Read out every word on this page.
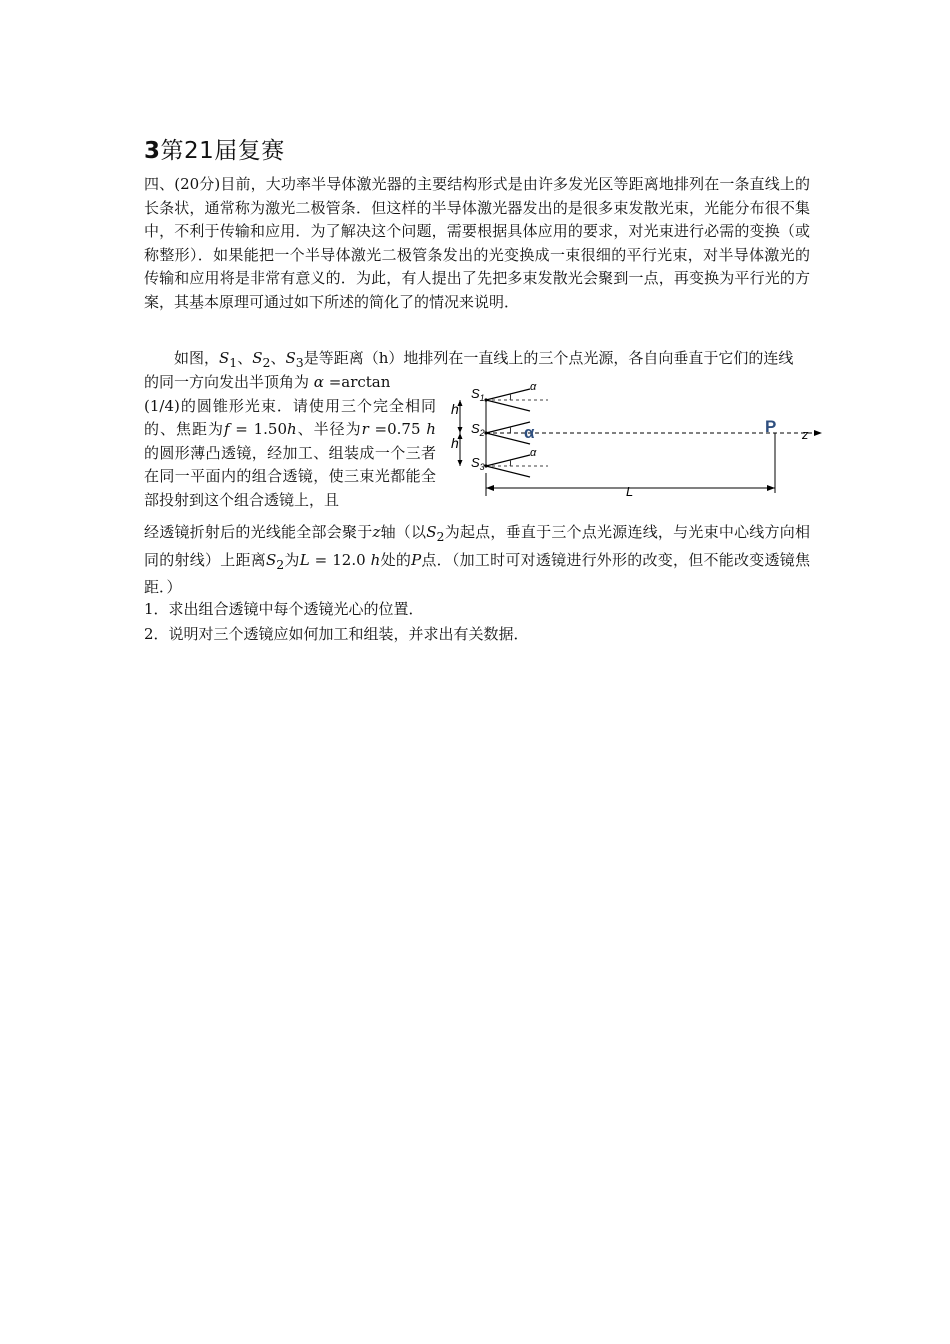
3第21届复赛
四、(20分)目前，大功率半导体激光器的主要结构形式是由许多发光区等距离地排列在一条直线上的长条状，通常称为激光二极管条．但这样的半导体激光器发出的是很多束发散光束，光能分布很不集中，不利于传输和应用．为了解决这个问题，需要根据具体应用的要求，对光束进行必需的变换（或称整形）．如果能把一个半导体激光二极管条发出的光变换成一束很细的平行光束，对半导体激光的传输和应用将是非常有意义的．为此，有人提出了先把多束发散光会聚到一点，再变换为平行光的方案，其基本原理可通过如下所述的简化了的情况来说明．
如图，$S_1$、$S_2$、$S_3$是等距离（h）地排列在一直线上的三个点光源，各自向垂直于它们的连线
的同一方向发出半顶角为 α =arctan
(1/4)的圆锥形光束．请使用三个完全相同的、焦距为f = 1.50h、半径为r =0.75 h的圆形薄凸透镜，经加工、组装成一个三者在同一平面内的组合透镜，使三束光都能全部投射到这个组合透镜上，且
经透镜折射后的光线能全部会聚于z轴（以$S_2$为起点，垂直于三个点光源连线，与光束中心线方向相同的射线）上距离$S_2$为L = 12.0 h处的P点．（加工时可对透镜进行外形的改变，但不能改变透镜焦距．）
1．求出组合透镜中每个透镜光心的位置．
2．说明对三个透镜应如何加工和组装，并求出有关数据．
h
h
$S_1$
$S_2$
$S_3$
α
α
z
α	P
L
